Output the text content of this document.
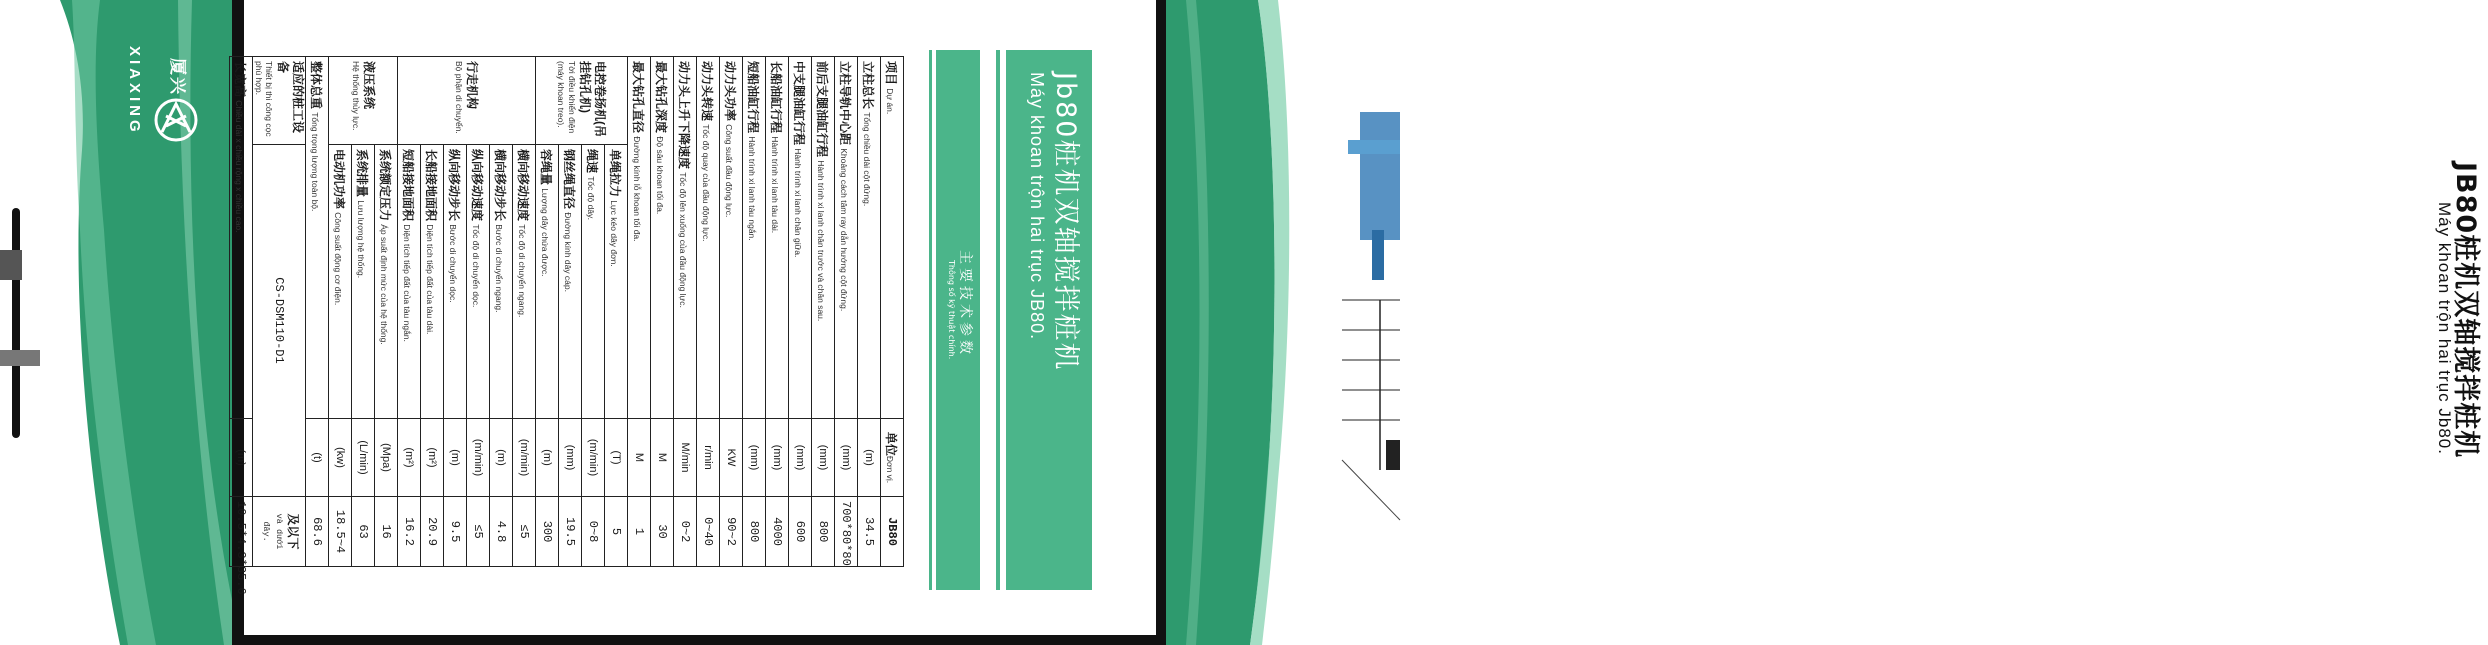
厦兴
XIAXING	Jb80桩机双轴搅拌桩机
Máy khoan trộn hai trục JB80.
主要技术参数
Thông số kỹ thuật chính.
项目 Dự án.		单位Đơn vị.	JB80
立柱总长 Tổng chiều dài cột đứng.		(m)	34.5
立柱导轨中心距 Khoảng cách tâm ray dẫn hướng cột đứng.		(mm)	700*80*80
前后支腿油缸行程 Hành trình xi lanh chân trước và chân sau.		(mm)	800
中支腿油缸行程 Hành trình xi lanh chân giữa.		(mm)	600
长船油缸行程 Hành trình xi lanh tàu dài.		(mm)	4000
短船油缸行程 Hành trình xi lanh tàu ngắn.		(mm)	800
动力头功率 Công suất đầu động lực.		KW	90~2
动力头转速 Tốc độ quay của đầu động lực.		r/min	0~40
动力头上升下降速度 Tốc độ lên xuống của đầu động lực.		M/min	0~2
最大钻孔深度 Độ sâu khoan tối đa.		M	30
最大钻孔直径 Đường kính lỗ khoan tối đa.		M	1
电控卷扬机(吊挂钻孔机)
Tời điều khiển điện (máy khoan treo).	单绳拉力 Lực kéo dây đơn.	(T)	5
	绳速 Tốc độ dây.	(m/min)	0~8
	钢丝绳直径 Đường kính dây cáp.	(mm)	19.5
	容绳量 Lượng dây chứa được.	(m)	300
行走机构
Bộ phận di chuyển.	横向移动速度 Tốc độ di chuyển ngang.	(m/min)	≤5
	横向移动步长 Bước di chuyển ngang.	(m)	4.8
	纵向移动速度 Tốc độ di chuyển dọc.	(m/min)	≤5
	纵向移动步长 Bước di chuyển dọc.	(m)	9.5
	长船接地面积 Diện tích tiếp đất của tàu dài.	(m²)	20.9
	短船接地面积 Diện tích tiếp đất của tàu ngắn.	(m²)	16.2
液压系统
Hệ thống thủy lực.	系统额定压力 Áp suất định mức của hệ thống.	(Mpa)	16
	系统排量 Lưu lượng hệ thống.	(L/min)	63
	电动机功率 Công suất động cơ điện.	(kw)	18.5~4
整体总重 Tổng trọng lượng toàn bộ.		(t)	68.6
适应的桩工设备
Thiết bị thi công cọc phù hợp.	CS-DSM110-D1		及以下
và dưới đây.
长宽高 Chiều dài x chiều rộng x chiều cao.		(m)	10.5*4.3*35.6
JB80桩机双轴搅拌桩机
Máy khoan trộn hai trục Jb80.
